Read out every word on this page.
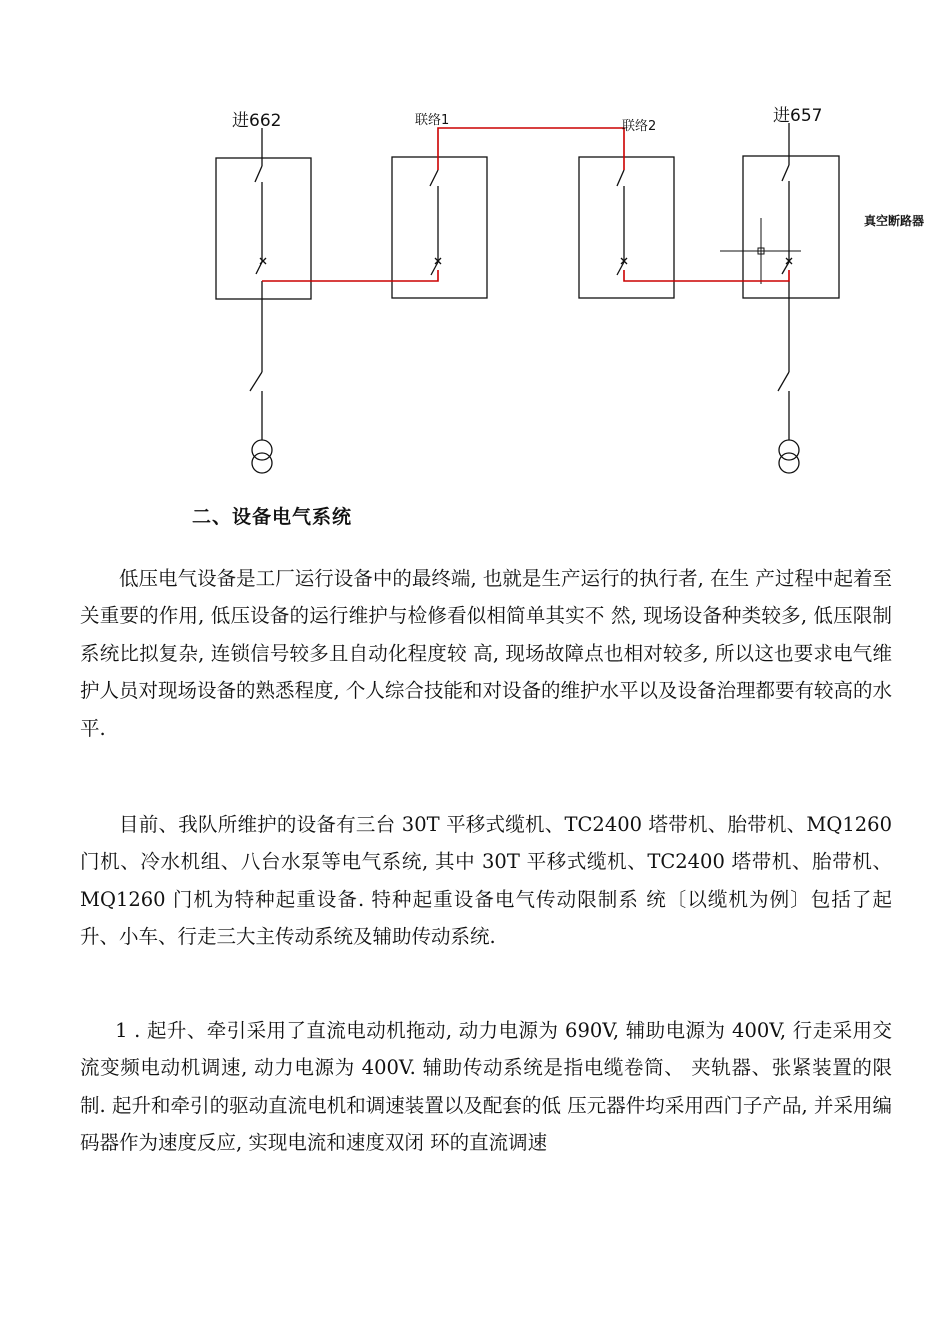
进662	联络1	联络2
进657
真空断路器
二、设备电气系统

低压电气设备是工厂运行设备中的最终端, 也就是生产运行的执行者, 在生 产过程中起着至关重要的作用, 低压设备的运行维护与检修看似相简单其实不 然, 现场设备种类较多, 低压限制系统比拟复杂, 连锁信号较多且自动化程度较 高, 现场故障点也相对较多, 所以这也要求电气维护人员对现场设备的熟悉程度, 个人综合技能和对设备的维护水平以及设备治理都要有较高的水平.

目前、我队所维护的设备有三台 30T 平移式缆机、TC2400 塔带机、胎带机、MQ1260 门机、冷水机组、八台水泵等电气系统, 其中 30T 平移式缆机、TC2400 塔带机、胎带机、MQ1260 门机为特种起重设备. 特种起重设备电气传动限制系 统〔以缆机为例〕包括了起升、小车、行走三大主传动系统及辅助传动系统.

1 . 起升、牵引采用了直流电动机拖动, 动力电源为 690V, 辅助电源为 400V, 行走采用交流变频电动机调速, 动力电源为 400V. 辅助传动系统是指电缆卷筒、 夹轨器、张紧装置的限制. 起升和牵引的驱动直流电机和调速装置以及配套的低 压元器件均采用西门子产品, 并采用编码器作为速度反应, 实现电流和速度双闭 环的直流调速
